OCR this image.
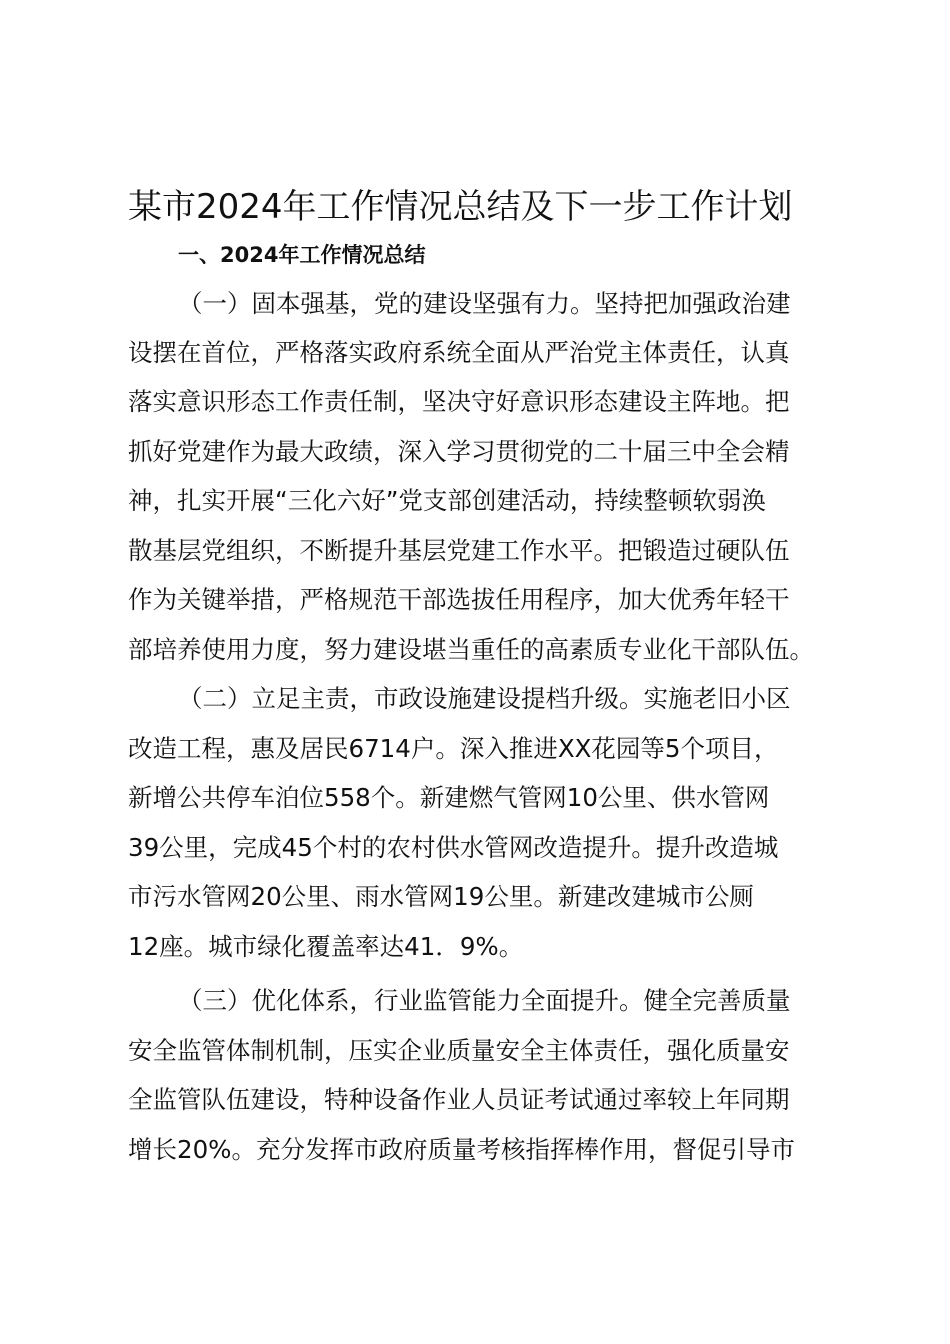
某市2024年工作情况总结及下一步工作计划
一、2024年工作情况总结

（一）固本强基，党的建设坚强有力。坚持把加强政治建

设摆在首位，严格落实政府系统全面从严治党主体责任，认真

落实意识形态工作责任制，坚决守好意识形态建设主阵地。把

抓好党建作为最大政绩，深入学习贯彻党的二十届三中全会精

神，扎实开展“三化六好”党支部创建活动，持续整顿软弱涣

散基层党组织，不断提升基层党建工作水平。把锻造过硬队伍

作为关键举措，严格规范干部选拔任用程序，加大优秀年轻干

部培养使用力度，努力建设堪当重任的高素质专业化干部队伍。

（二）立足主责，市政设施建设提档升级。实施老旧小区

改造工程，惠及居民6714户。深入推进XX花园等5个项目，

新增公共停车泊位558个。新建燃气管网10公里、供水管网

39公里，完成45个村的农村供水管网改造提升。提升改造城

市污水管网20公里、雨水管网19公里。新建改建城市公厕

12座。城市绿化覆盖率达41．9%。

（三）优化体系，行业监管能力全面提升。健全完善质量

安全监管体制机制，压实企业质量安全主体责任，强化质量安

全监管队伍建设，特种设备作业人员证考试通过率较上年同期

增长20%。充分发挥市政府质量考核指挥棒作用，督促引导市
